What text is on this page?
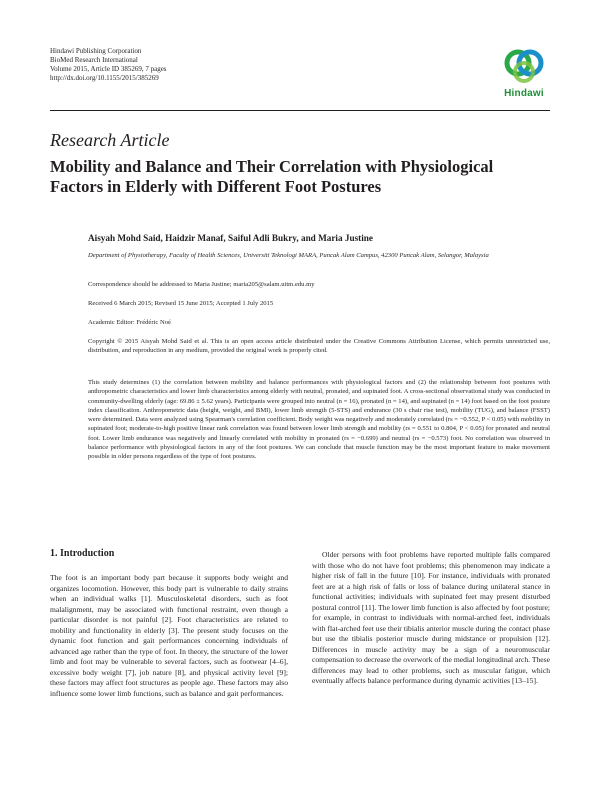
Hindawi Publishing Corporation
BioMed Research International
Volume 2015, Article ID 385269, 7 pages
http://dx.doi.org/10.1155/2015/385269
Hindawi
Research Article
Mobility and Balance and Their Correlation with Physiological Factors in Elderly with Different Foot Postures
Aisyah Mohd Said, Haidzir Manaf, Saiful Adli Bukry, and Maria Justine
Department of Physiotherapy, Faculty of Health Sciences, Universiti Teknologi MARA, Puncak Alam Campus, 42300 Puncak Alam, Selangor, Malaysia
Correspondence should be addressed to Maria Justine; maria205@salam.uitm.edu.my
Received 6 March 2015; Revised 15 June 2015; Accepted 1 July 2015
Academic Editor: Frédéric Noé
Copyright © 2015 Aisyah Mohd Said et al. This is an open access article distributed under the Creative Commons Attribution License, which permits unrestricted use, distribution, and reproduction in any medium, provided the original work is properly cited.
This study determines (1) the correlation between mobility and balance performances with physiological factors and (2) the relationship between foot postures with anthropometric characteristics and lower limb characteristics among elderly with neutral, pronated, and supinated foot. A cross-sectional observational study was conducted in community-dwelling elderly (age: 69.86 ± 5.62 years). Participants were grouped into neutral (n = 16), pronated (n = 14), and supinated (n = 14) foot based on the foot posture index classification. Anthropometric data (height, weight, and BMI), lower limb strength (5-STS) and endurance (30 s chair rise test), mobility (TUG), and balance (FSST) were determined. Data were analyzed using Spearman's correlation coefficient. Body weight was negatively and moderately correlated (rs = −0.552, P < 0.05) with mobility in supinated foot; moderate-to-high positive linear rank correlation was found between lower limb strength and mobility (rs = 0.551 to 0.804, P < 0.05) for pronated and neutral foot. Lower limb endurance was negatively and linearly correlated with mobility in pronated (rs = −0.699) and neutral (rs = −0.573) foot. No correlation was observed in balance performance with physiological factors in any of the foot postures. We can conclude that muscle function may be the most important feature to make movement possible in older persons regardless of the type of foot postures.
1. Introduction

The foot is an important body part because it supports body weight and organizes locomotion. However, this body part is vulnerable to daily strains when an individual walks [1]. Musculoskeletal disorders, such as foot malalignment, may be associated with functional restraint, even though a particular disorder is not painful [2]. Foot characteristics are related to mobility and functionality in elderly [3]. The present study focuses on the dynamic foot function and gait performances concerning individuals of advanced age rather than the type of foot. In theory, the structure of the lower limb and foot may be vulnerable to several factors, such as footwear [4–6], excessive body weight [7], job nature [8], and physical activity level [9]; these factors may affect foot structures as people age. These factors may also influence some lower limb functions, such as balance and gait performances.

Older persons with foot problems have reported multiple falls compared with those who do not have foot problems; this phenomenon may indicate a higher risk of fall in the future [10]. For instance, individuals with pronated feet are at a high risk of falls or loss of balance during unilateral stance in functional activities; individuals with supinated feet may present disturbed postural control [11]. The lower limb function is also affected by foot posture; for example, in contrast to individuals with normal-arched feet, individuals with flat-arched feet use their tibialis anterior muscle during the contact phase but use the tibialis posterior muscle during midstance or propulsion [12]. Differences in muscle activity may be a sign of a neuromuscular compensation to decrease the overwork of the medial longitudinal arch. These differences may lead to other problems, such as muscular fatigue, which eventually affects balance performance during dynamic activities [13–15].
